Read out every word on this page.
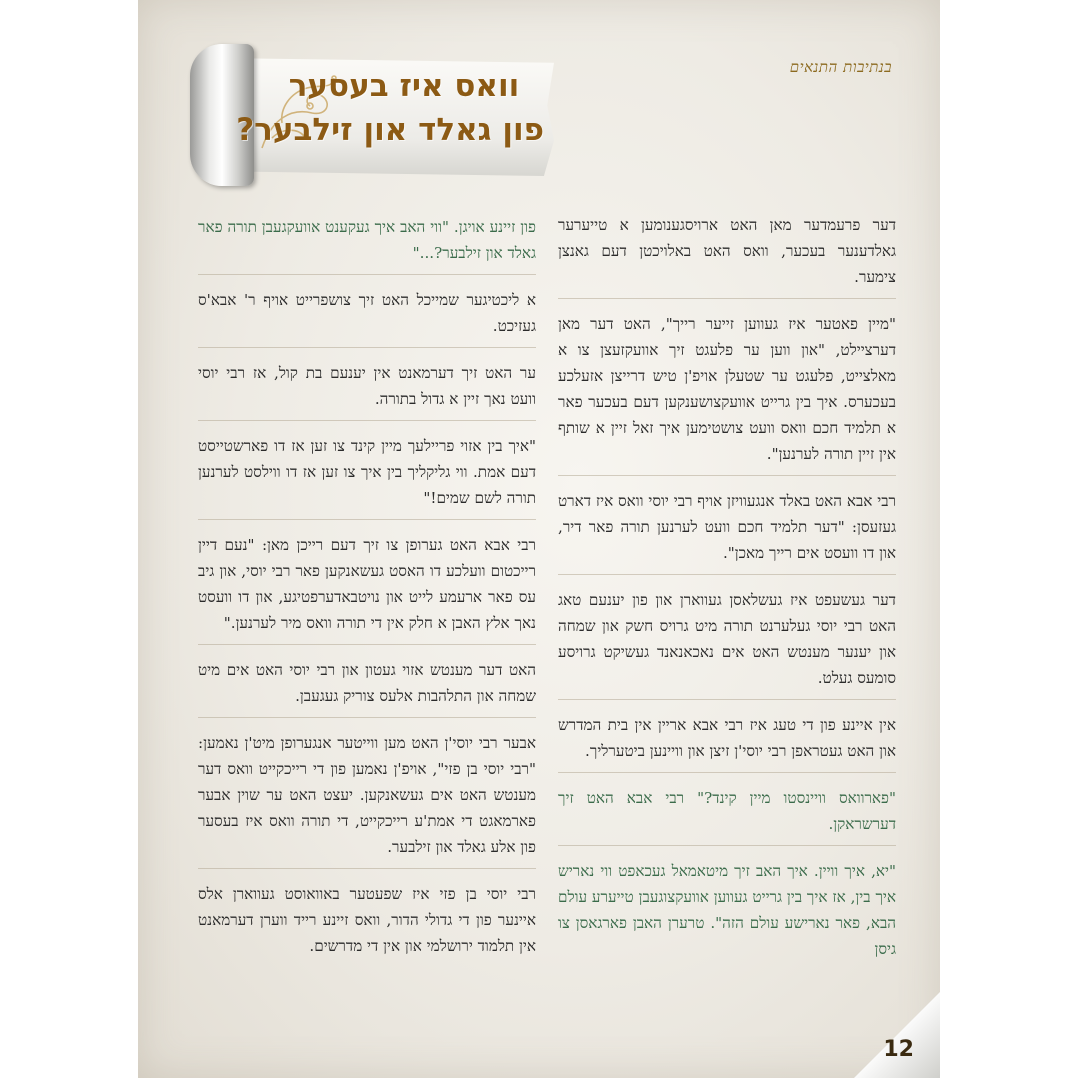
בנתיבות התנאים
וואס איז בעסער
פון גאלד און זילבער?

דער פרעמדער מאן האט ארויסגענומען א טייערער גאלדענער בעכער, וואס האט באלויכטן דעם גאנצן צימער.

"מיין פאטער איז געווען זייער רייך", האט דער מאן דערציילט, "און ווען ער פלעגט זיך אוועקזעצן צו א מאלצייט, פלעגט ער שטעלן אויפ'ן טיש דרייצן אזעלכע בעכערס. איך בין גרייט אוועקצושענקען דעם בעכער פאר א תלמיד חכם וואס וועט צושטימען איך זאל זיין א שותף אין זיין תורה לערנען".

רבי אבא האט באלד אנגעוויזן אויף רבי יוסי וואס איז דארט געזעסן: "דער תלמיד חכם וועט לערנען תורה פאר דיר, און דו וועסט אים רייך מאכן".

דער געשעפט איז געשלאסן געווארן און פון יענעם טאג האט רבי יוסי געלערנט תורה מיט גרויס חשק און שמחה און יענער מענטש האט אים נאכאנאנד געשיקט גרויסע סומעס געלט.

אין איינע פון די טעג איז רבי אבא אריין אין בית המדרש און האט געטראפן רבי יוסי'ן זיצן און וויינען ביטערליך.

"פארוואס וויינסטו מיין קינד?" רבי אבא האט זיך דערשראקן.

"יא, איך וויין. איך האב זיך מיטאמאל געכאפט ווי נאריש איך בין, אז איך בין גרייט געווען אוועקצוגעבן טייערע עולם הבא, פאר נארישע עולם הזה". טרערן האבן פארגאסן צו גיסן

פון זיינע אויגן. "ווי האב איך געקענט אוועקגעבן תורה פאר גאלד און זילבער?..."

א ליכטיגער שמייכל האט זיך צושפרייט אויף ר' אבא'ס געזיכט.

ער האט זיך דערמאנט אין יענעם בת קול, אז רבי יוסי וועט נאך זיין א גדול בתורה.

"איך בין אזוי פריילעך מיין קינד צו זען אז דו פארשטייסט דעם אמת. ווי גליקליך בין איך צו זען אז דו ווילסט לערנען תורה לשם שמים!"

רבי אבא האט גערופן צו זיך דעם רייכן מאן: "נעם דיין רייכטום וועלכע דו האסט געשאנקען פאר רבי יוסי, און גיב עס פאר ארעמע לייט און נויטבאדערפטיגע, און דו וועסט נאך אלץ האבן א חלק אין די תורה וואס מיר לערנען."

האט דער מענטש אזוי געטון און רבי יוסי האט אים מיט שמחה און התלהבות אלעס צוריק געגעבן.

אבער רבי יוסי'ן האט מען ווייטער אנגערופן מיט'ן נאמען: "רבי יוסי בן פזי", אויפ'ן נאמען פון די רייכקייט וואס דער מענטש האט אים געשאנקען. יעצט האט ער שוין אבער פארמאגט די אמת'ע רייכקייט, די תורה וואס איז בעסער פון אלע גאלד און זילבער.

רבי יוסי בן פזי איז שפעטער באוואוסט געווארן אלס איינער פון די גדולי הדור, וואס זיינע רייד ווערן דערמאנט אין תלמוד ירושלמי און אין די מדרשים.

12
